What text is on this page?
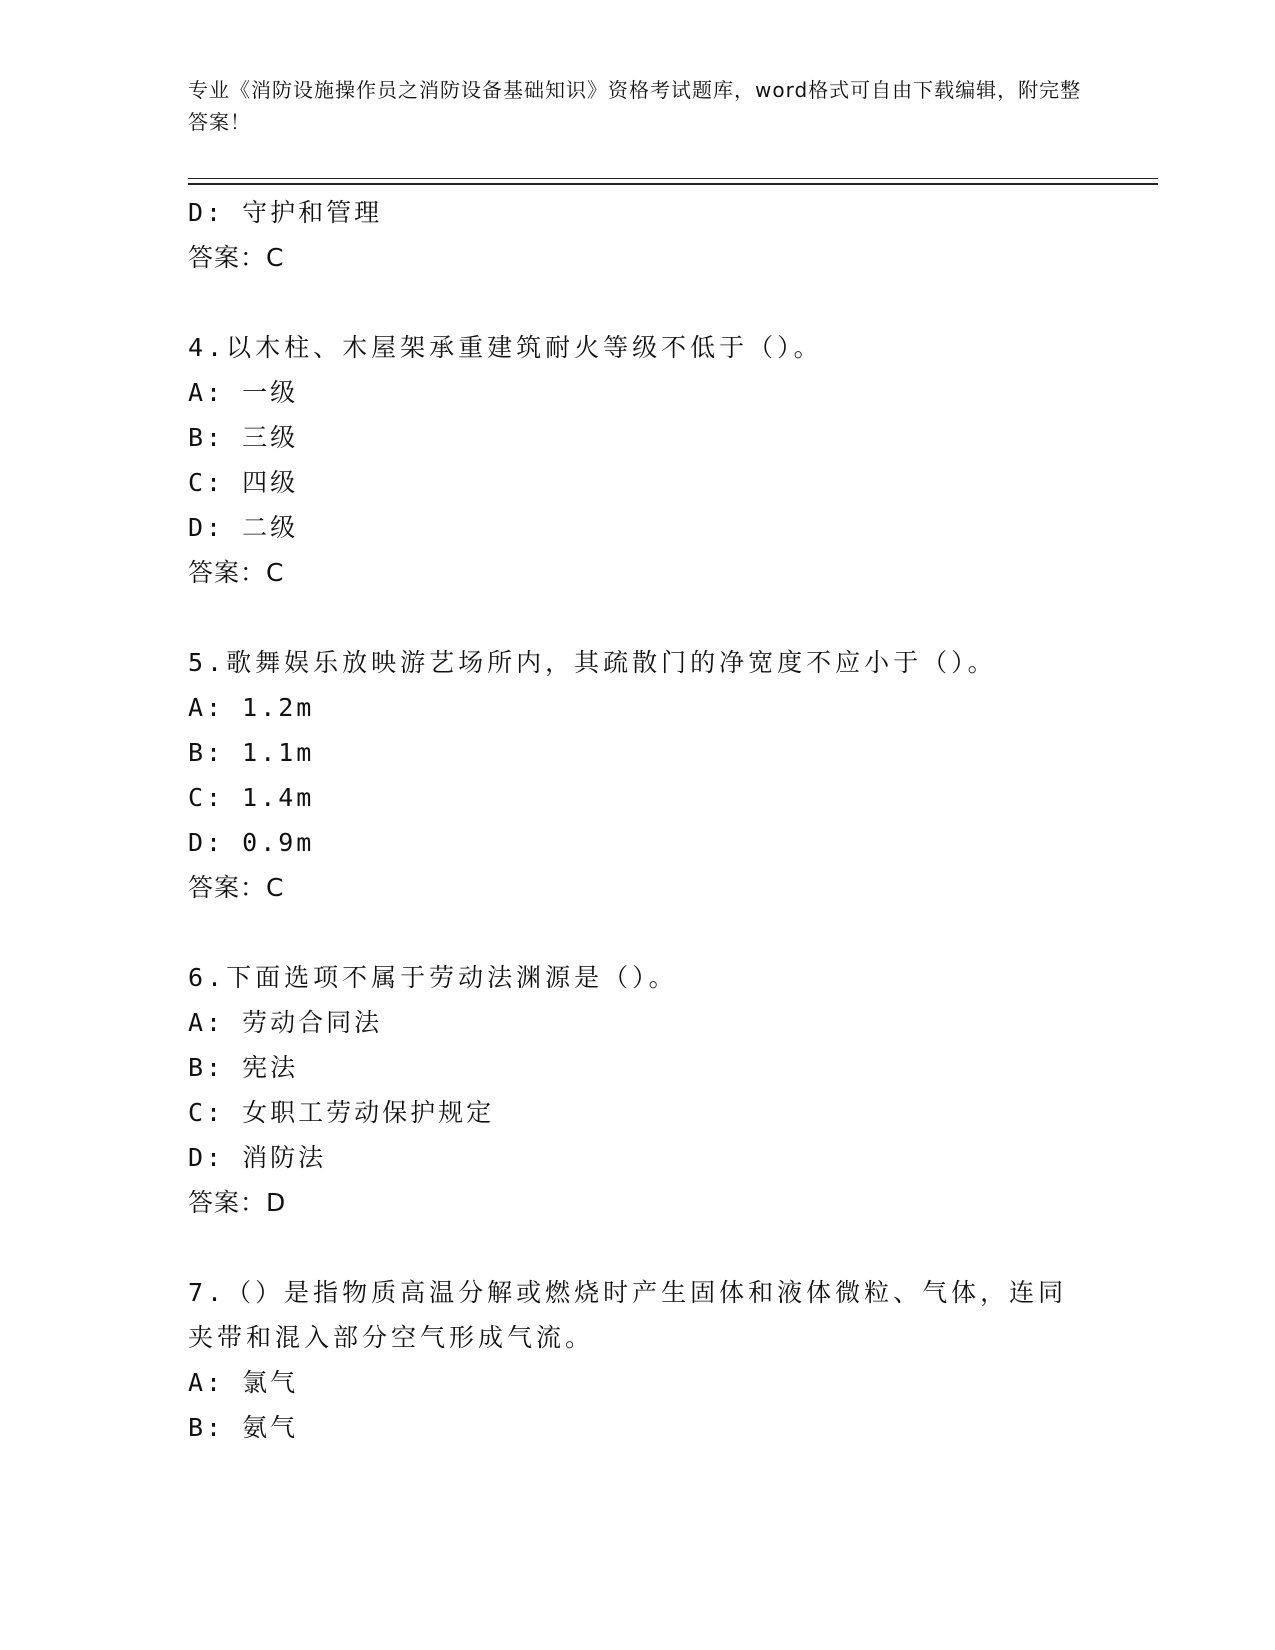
专业《消防设施操作员之消防设备基础知识》资格考试题库，word格式可自由下载编辑，附完整答案！
D: 守护和管理
答案：C
4.以木柱、木屋架承重建筑耐火等级不低于（）。
A: 一级
B: 三级
C: 四级
D: 二级
答案：C
5.歌舞娱乐放映游艺场所内，其疏散门的净宽度不应小于（）。
A: 1.2m
B: 1.1m
C: 1.4m
D: 0.9m
答案：C
6.下面选项不属于劳动法渊源是（）。
A: 劳动合同法
B: 宪法
C: 女职工劳动保护规定
D: 消防法
答案：D
7.（）是指物质高温分解或燃烧时产生固体和液体微粒、气体，连同
夹带和混入部分空气形成气流。
A: 氯气
B: 氨气
